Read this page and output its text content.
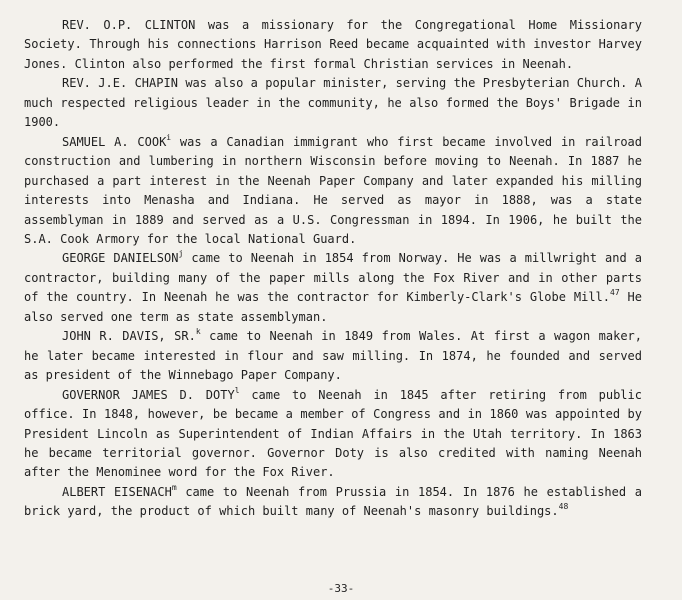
REV. O.P. CLINTON was a missionary for the Congregational Home Missionary Society. Through his connections Harrison Reed became acquainted with investor Harvey Jones. Clinton also performed the first formal Christian services in Neenah.

REV. J.E. CHAPIN was also a popular minister, serving the Presbyterian Church. A much respected religious leader in the community, he also formed the Boys' Brigade in 1900.

SAMUEL A. COOK$^i$ was a Canadian immigrant who first became involved in railroad construction and lumbering in northern Wisconsin before moving to Neenah. In 1887 he purchased a part interest in the Neenah Paper Company and later expanded his milling interests into Menasha and Indiana. He served as mayor in 1888, was a state assemblyman in 1889 and served as a U.S. Congressman in 1894. In 1906, he built the S.A. Cook Armory for the local National Guard.

GEORGE DANIELSON$^j$ came to Neenah in 1854 from Norway. He was a millwright and a contractor, building many of the paper mills along the Fox River and in other parts of the country. In Neenah he was the contractor for Kimberly-Clark's Globe Mill.$^{47}$ He also served one term as state assemblyman.

JOHN R. DAVIS, SR.$^k$ came to Neenah in 1849 from Wales. At first a wagon maker, he later became interested in flour and saw milling. In 1874, he founded and served as president of the Winnebago Paper Company.

GOVERNOR JAMES D. DOTY$^l$ came to Neenah in 1845 after retiring from public office. In 1848, however, be became a member of Congress and in 1860 was appointed by President Lincoln as Superintendent of Indian Affairs in the Utah territory. In 1863 he became territorial governor. Governor Doty is also credited with naming Neenah after the Menominee word for the Fox River.

ALBERT EISENACH$^m$ came to Neenah from Prussia in 1854. In 1876 he established a brick yard, the product of which built many of Neenah's masonry buildings.$^{48}$

-33-
